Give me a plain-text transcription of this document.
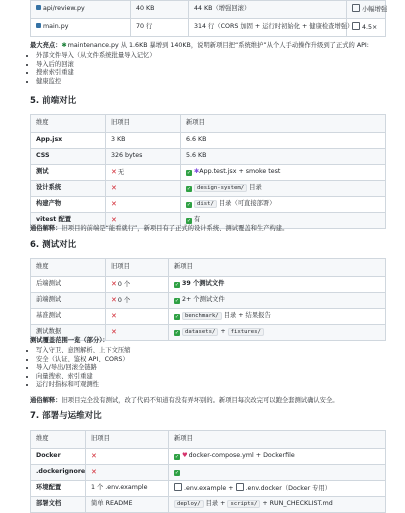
api/review.py	40 KB	44 KB（增强回滚）	小幅增强
main.py	70 行	314 行（CORS 加固 + 运行时初始化 + 健康检查增强）	4.5×

最大亮点：✱maintenance.py 从 1.6KB 暴增到 140KB，说明新项目把“系统维护”从个人手动操作升级到了正式的 API:

• 外部文件导入（从文件系统批量导入记忆）
• 导入后的回滚
• 搜索索引重建
• 健康监控
5. 前端对比
维度	旧项目	新项目
App.jsx	3 KB	6.6 KB
CSS	326 bytes	5.6 KB
测试	✕无	✓ ✱App.test.jsx + smoke test
设计系统	✕	✓ design-system/ 目录
构建产物	✕	✓ dist/ 目录（可直接部署）
vitest 配置	✕	✓ 有

通俗解释：旧项目的前端是“能看就行”，新项目有了正式的设计系统、测试覆盖和生产构建。

6. 测试对比
维度	旧项目	新项目
后端测试	✕0 个	✓ 39 个测试文件
前端测试	✕0 个	✓ 2+ 个测试文件
基准测试	✕	✓ benchmark/ 目录 + 结果报告
测试数据	✕	✓ datasets/ + fixtures/

测试覆盖范围一览（部分）：

• 写入守卫、意图解析、上下文压缩
• 安全（认证、鉴权 API、CORS）
• 导入/导出/回滚全链路
• 向量搜索、索引重建
• 运行时指标和可观测性

通俗解释：旧项目完全没有测试，改了代码不知道有没有弄坏别的。新项目每次改完可以跑全套测试确认安全。

7. 部署与运维对比
维度	旧项目	新项目
Docker	✕	✓ ♥docker-compose.yml + Dockerfile
.dockerignore	✕	✓
环境配置	1 个 .env.example	.env.example + .env.docker（Docker 专用）
部署文档	简单 README	deploy/ 目录 + scripts/ + RUN_CHECKLIST.md
